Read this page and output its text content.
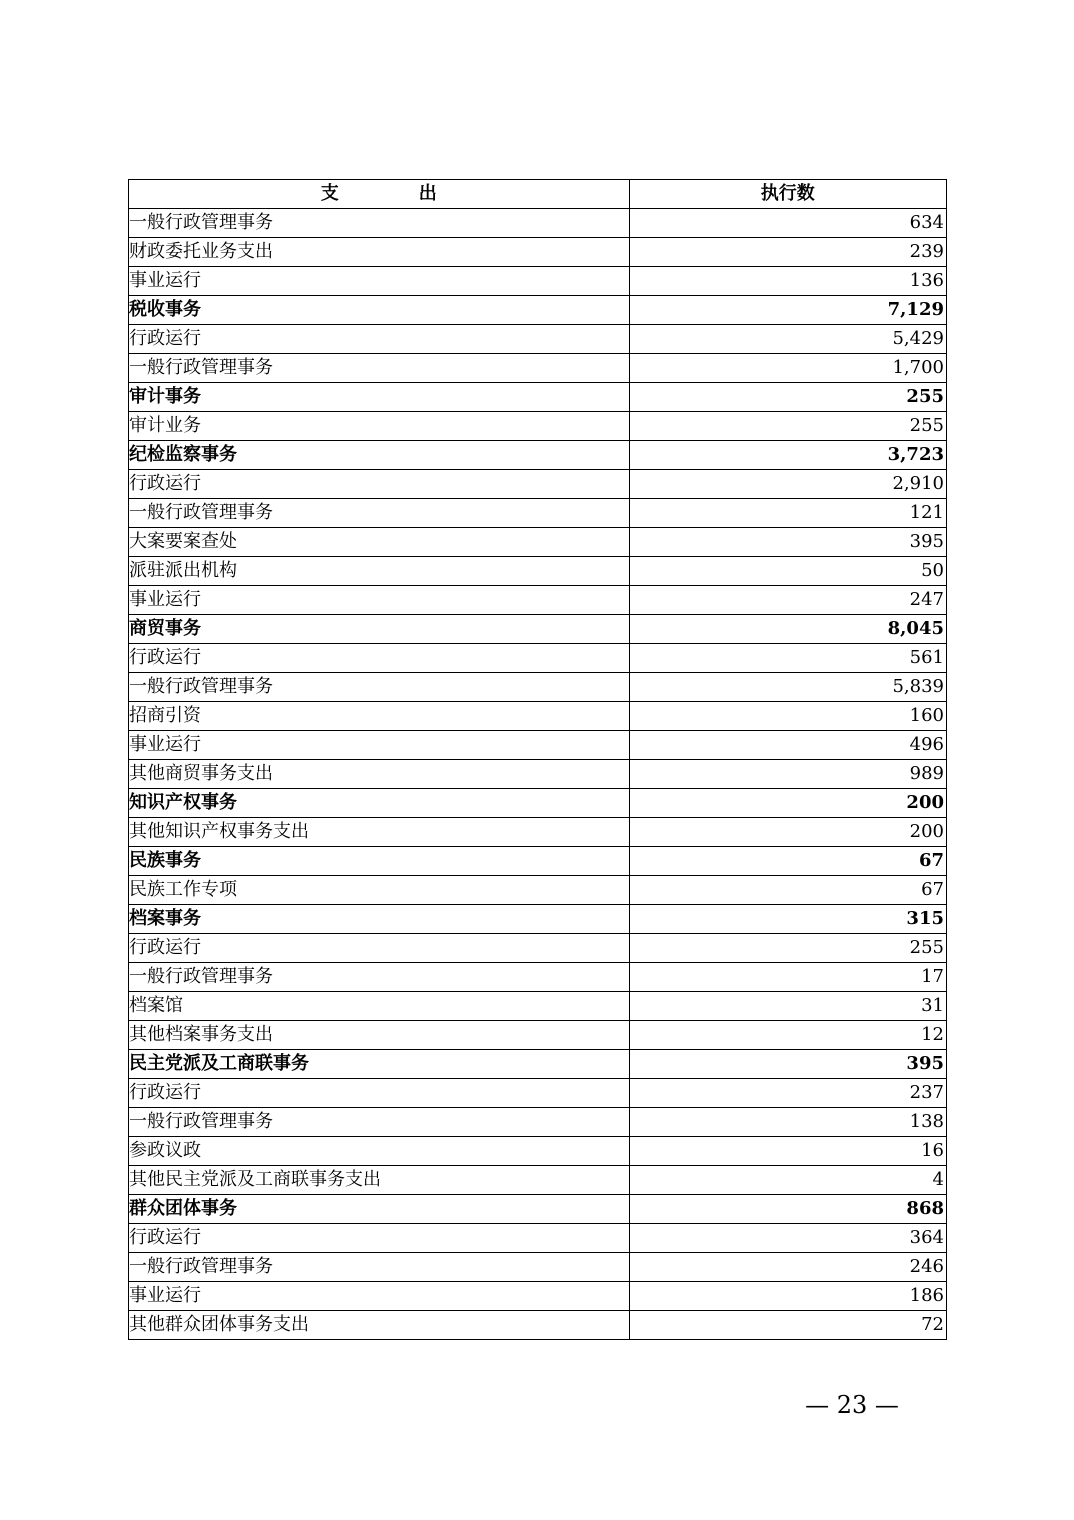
支 出	执行数
一般行政管理事务	634
财政委托业务支出	239
事业运行	136
税收事务	7,129
行政运行	5,429
一般行政管理事务	1,700
审计事务	255
审计业务	255
纪检监察事务	3,723
行政运行	2,910
一般行政管理事务	121
大案要案查处	395
派驻派出机构	50
事业运行	247
商贸事务	8,045
行政运行	561
一般行政管理事务	5,839
招商引资	160
事业运行	496
其他商贸事务支出	989
知识产权事务	200
其他知识产权事务支出	200
民族事务	67
民族工作专项	67
档案事务	315
行政运行	255
一般行政管理事务	17
档案馆	31
其他档案事务支出	12
民主党派及工商联事务	395
行政运行	237
一般行政管理事务	138
参政议政	16
其他民主党派及工商联事务支出	4
群众团体事务	868
行政运行	364
一般行政管理事务	246
事业运行	186
其他群众团体事务支出	72
— 23 —
